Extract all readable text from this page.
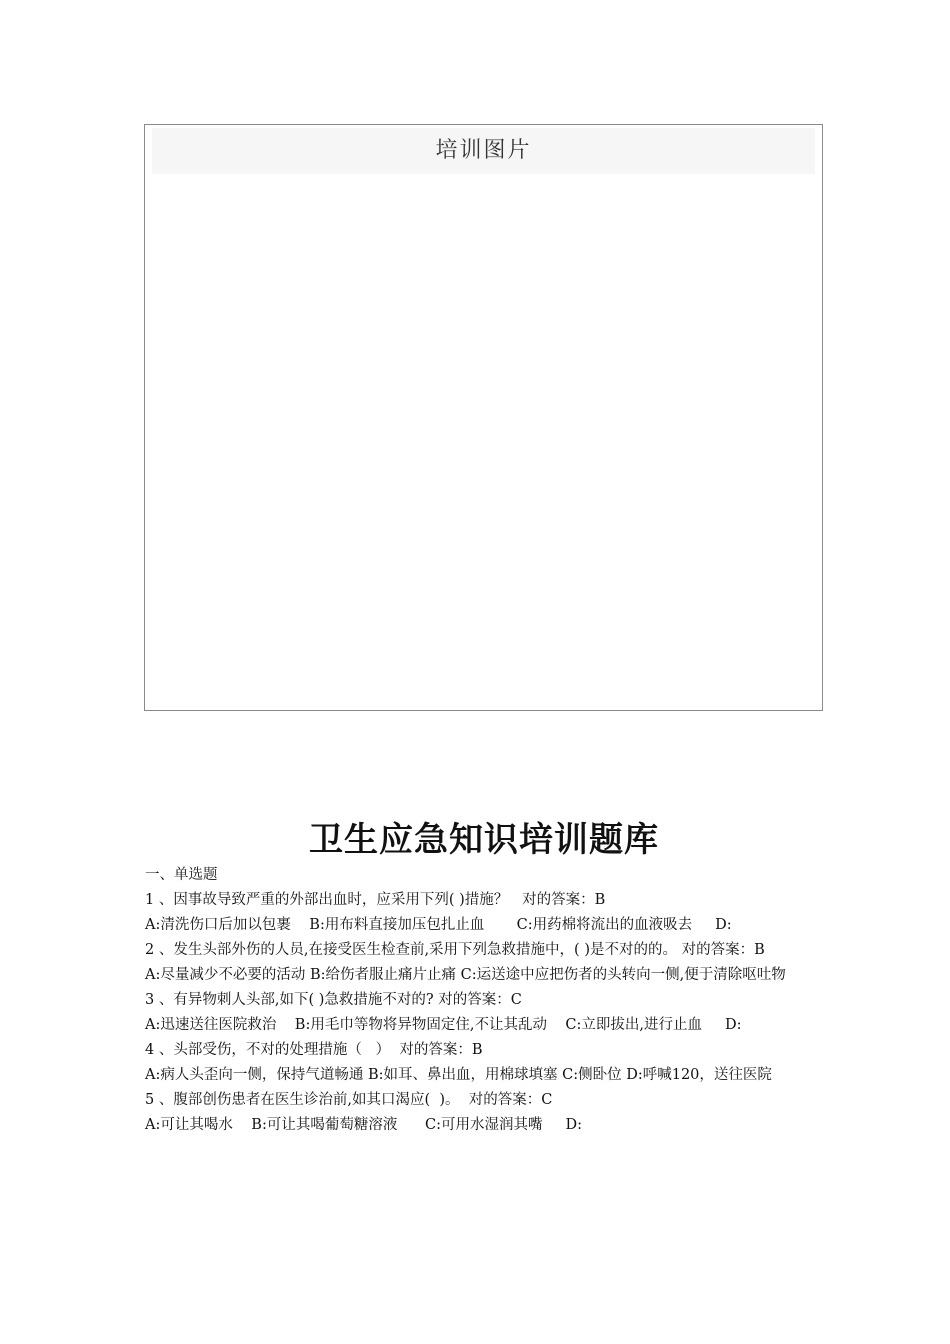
培训图片
卫生应急知识培训题库
一、单选题
1 、因事故导致严重的外部出血时，应采用下列( )措施？   对的答案：B
A:清洗伤口后加以包裹    B:用布料直接加压包扎止血       C:用药棉将流出的血液吸去     D:
2 、发生头部外伤的人员,在接受医生检查前,采用下列急救措施中，( )是不对的的。 对的答案：B
A:尽量减少不必要的活动 B:给伤者服止痛片止痛 C:运送途中应把伤者的头转向一侧,便于清除呕吐物
3 、有异物刺人头部,如下( )急救措施不对的? 对的答案：C
A:迅速送往医院救治    B:用毛巾等物将异物固定住,不让其乱动    C:立即拔出,进行止血     D:
4 、头部受伤，不对的处理措施（   ）  对的答案：B
A:病人头歪向一侧，保持气道畅通 B:如耳、鼻出血，用棉球填塞 C:侧卧位 D:呼喊120，送往医院
5 、腹部创伤患者在医生诊治前,如其口渴应(  )。  对的答案：C
A:可让其喝水    B:可让其喝葡萄糖溶液      C:可用水湿润其嘴     D:
